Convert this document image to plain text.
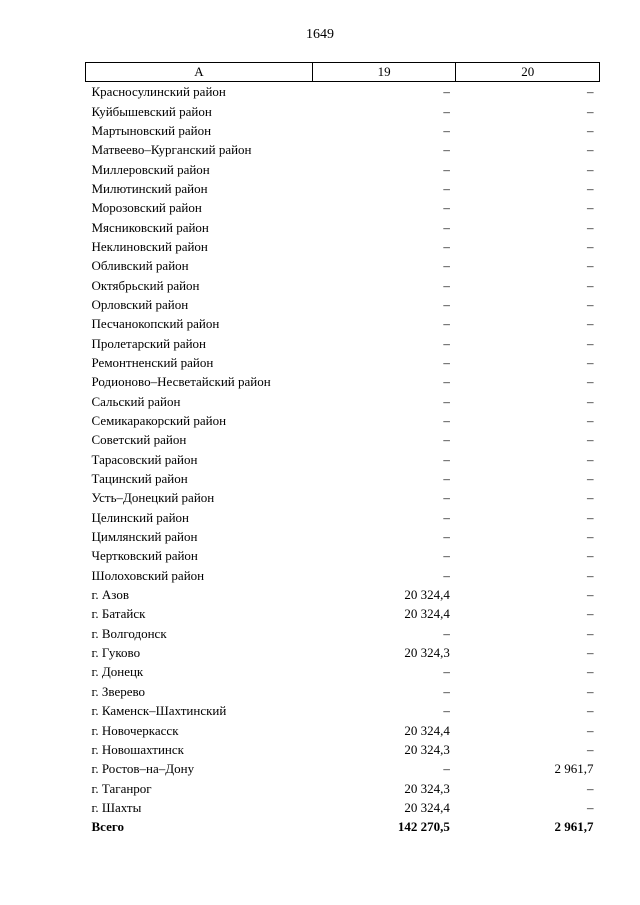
1649
А	19	20
Красносулинский район	–	–
Куйбышевский район	–	–
Мартыновский район	–	–
Матвеево–Курганский район	–	–
Миллеровский район	–	–
Милютинский район	–	–
Морозовский район	–	–
Мясниковский район	–	–
Неклиновский район	–	–
Обливский район	–	–
Октябрьский район	–	–
Орловский район	–	–
Песчанокопский район	–	–
Пролетарский район	–	–
Ремонтненский район	–	–
Родионово–Несветайский район	–	–
Сальский район	–	–
Семикаракорский район	–	–
Советский район	–	–
Тарасовский район	–	–
Тацинский район	–	–
Усть–Донецкий район	–	–
Целинский район	–	–
Цимлянский район	–	–
Чертковский район	–	–
Шолоховский район	–	–
г. Азов	20 324,4	–
г. Батайск	20 324,4	–
г. Волгодонск	–	–
г. Гуково	20 324,3	–
г. Донецк	–	–
г. Зверево	–	–
г. Каменск–Шахтинский	–	–
г. Новочеркасск	20 324,4	–
г. Новошахтинск	20 324,3	–
г. Ростов–на–Дону	–	2 961,7
г. Таганрог	20 324,3	–
г. Шахты	20 324,4	–
Всего	142 270,5	2 961,7
